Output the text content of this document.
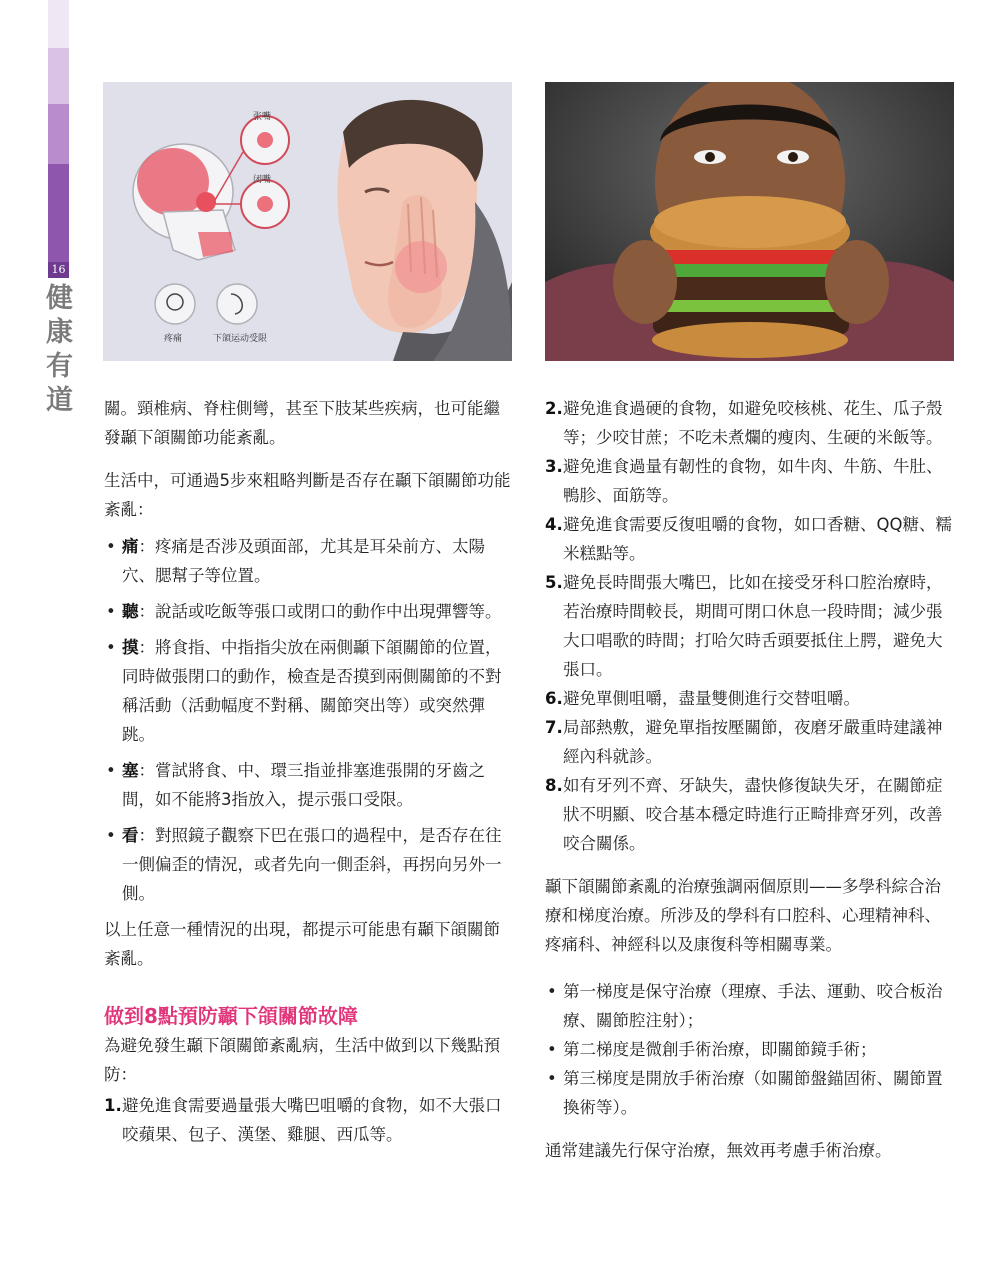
16
健
康
有
道
张嘴
闭嘴
疼痛	下頜运动受限

關。頸椎病、脊柱側彎，甚至下肢某些疾病，也可能繼發顳下頜關節功能紊亂。

生活中，可通過5步來粗略判斷是否存在顳下頜關節功能紊亂：

• 痛：疼痛是否涉及頭面部，尤其是耳朵前方、太陽穴、腮幫子等位置。
• 聽：說話或吃飯等張口或閉口的動作中出現彈響等。
• 摸：將食指、中指指尖放在兩側顳下頜關節的位置，同時做張閉口的動作，檢查是否摸到兩側關節的不對稱活動（活動幅度不對稱、關節突出等）或突然彈跳。
• 塞：嘗試將食、中、環三指並排塞進張開的牙齒之間，如不能將3指放入，提示張口受限。
• 看：對照鏡子觀察下巴在張口的過程中，是否存在往一側偏歪的情況，或者先向一側歪斜，再拐向另外一側。

以上任意一種情況的出現，都提示可能患有顳下頜關節紊亂。

做到8點預防顳下頜關節故障

為避免發生顳下頜關節紊亂病，生活中做到以下幾點預防：

1. 避免進食需要過量張大嘴巴咀嚼的食物，如不大張口咬蘋果、包子、漢堡、雞腿、西瓜等。
2. 避免進食過硬的食物，如避免咬核桃、花生、瓜子殼等；少咬甘蔗；不吃未煮爛的瘦肉、生硬的米飯等。
3. 避免進食過量有韌性的食物，如牛肉、牛筋、牛肚、鴨胗、面筋等。
4. 避免進食需要反復咀嚼的食物，如口香糖、QQ糖、糯米糕點等。
5. 避免長時間張大嘴巴，比如在接受牙科口腔治療時，若治療時間較長，期間可閉口休息一段時間；減少張大口唱歌的時間；打哈欠時舌頭要抵住上腭，避免大張口。
6. 避免單側咀嚼，盡量雙側進行交替咀嚼。
7. 局部熱敷，避免單指按壓關節，夜磨牙嚴重時建議神經內科就診。
8. 如有牙列不齊、牙缺失，盡快修復缺失牙，在關節症狀不明顯、咬合基本穩定時進行正畸排齊牙列，改善咬合關係。

顳下頜關節紊亂的治療強調兩個原則——多學科綜合治療和梯度治療。所涉及的學科有口腔科、心理精神科、疼痛科、神經科以及康復科等相關專業。

• 第一梯度是保守治療（理療、手法、運動、咬合板治療、關節腔注射）；
• 第二梯度是微創手術治療，即關節鏡手術；
• 第三梯度是開放手術治療（如關節盤錨固術、關節置換術等）。

通常建議先行保守治療，無效再考慮手術治療。
